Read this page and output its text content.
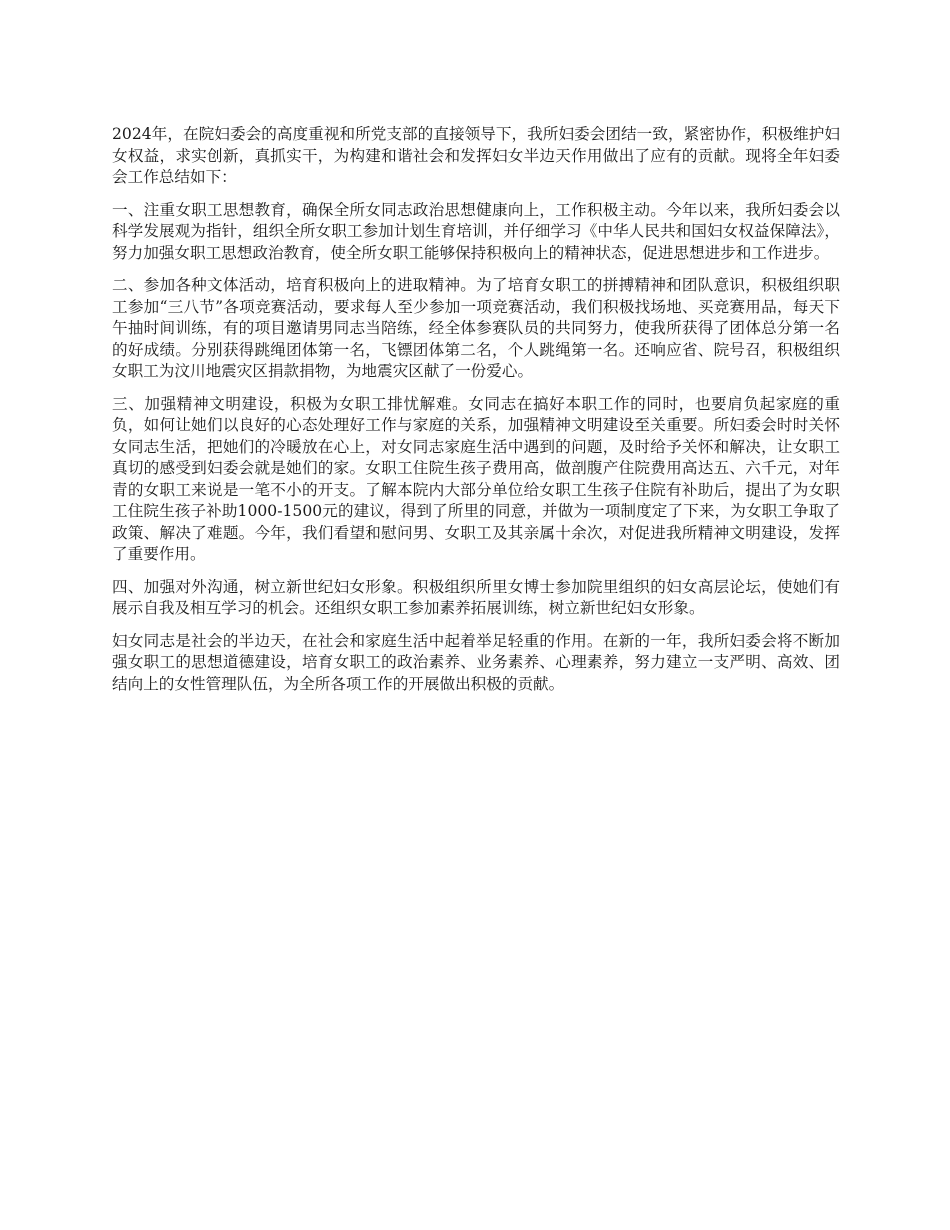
2024年，在院妇委会的高度重视和所党支部的直接领导下，我所妇委会团结一致，紧密协作，积极维护妇女权益，求实创新，真抓实干，为构建和谐社会和发挥妇女半边天作用做出了应有的贡献。现将全年妇委会工作总结如下：

一、注重女职工思想教育，确保全所女同志政治思想健康向上，工作积极主动。今年以来，我所妇委会以科学发展观为指针，组织全所女职工参加计划生育培训，并仔细学习《中华人民共和国妇女权益保障法》，努力加强女职工思想政治教育，使全所女职工能够保持积极向上的精神状态，促进思想进步和工作进步。

二、参加各种文体活动，培育积极向上的进取精神。为了培育女职工的拼搏精神和团队意识，积极组织职工参加“三八节”各项竞赛活动，要求每人至少参加一项竞赛活动，我们积极找场地、买竞赛用品，每天下午抽时间训练，有的项目邀请男同志当陪练，经全体参赛队员的共同努力，使我所获得了团体总分第一名的好成绩。分别获得跳绳团体第一名，飞镖团体第二名，个人跳绳第一名。还响应省、院号召，积极组织女职工为汶川地震灾区捐款捐物，为地震灾区献了一份爱心。

三、加强精神文明建设，积极为女职工排忧解难。女同志在搞好本职工作的同时，也要肩负起家庭的重负，如何让她们以良好的心态处理好工作与家庭的关系，加强精神文明建设至关重要。所妇委会时时关怀女同志生活，把她们的冷暖放在心上，对女同志家庭生活中遇到的问题，及时给予关怀和解决，让女职工真切的感受到妇委会就是她们的家。女职工住院生孩子费用高，做剖腹产住院费用高达五、六千元，对年青的女职工来说是一笔不小的开支。了解本院内大部分单位给女职工生孩子住院有补助后，提出了为女职工住院生孩子补助1000-1500元的建议，得到了所里的同意，并做为一项制度定了下来，为女职工争取了政策、解决了难题。今年，我们看望和慰问男、女职工及其亲属十余次，对促进我所精神文明建设，发挥了重要作用。

四、加强对外沟通，树立新世纪妇女形象。积极组织所里女博士参加院里组织的妇女高层论坛，使她们有展示自我及相互学习的机会。还组织女职工参加素养拓展训练，树立新世纪妇女形象。

妇女同志是社会的半边天，在社会和家庭生活中起着举足轻重的作用。在新的一年，我所妇委会将不断加强女职工的思想道德建设，培育女职工的政治素养、业务素养、心理素养，努力建立一支严明、高效、团结向上的女性管理队伍，为全所各项工作的开展做出积极的贡献。
